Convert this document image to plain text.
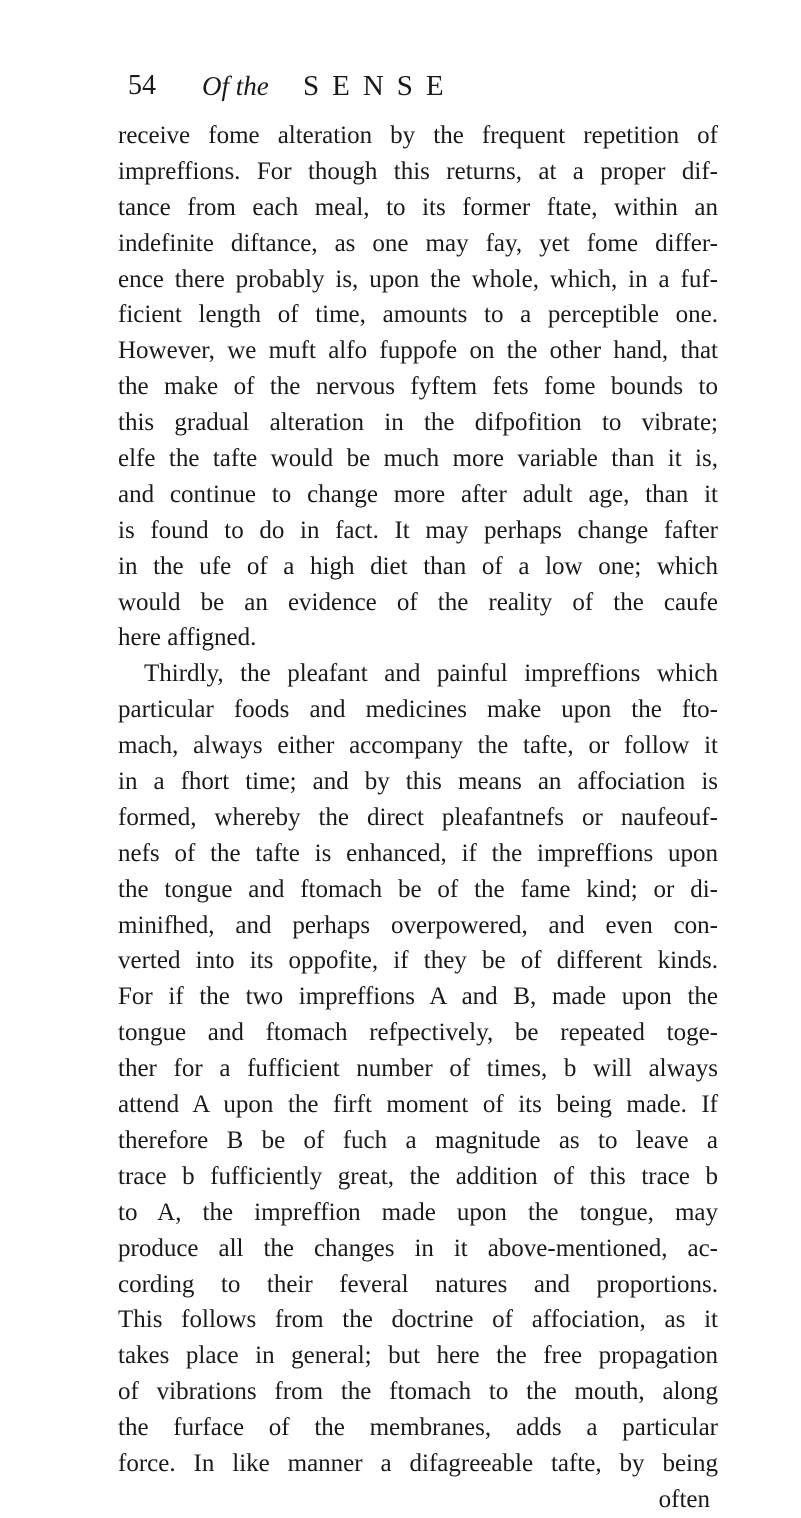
54 Of the SENSE
receive fome alteration by the frequent repetition of
impreffions. For though this returns, at a proper dif-
tance from each meal, to its former ftate, within an
indefinite diftance, as one may fay, yet fome differ-
ence there probably is, upon the whole, which, in a fuf-
ficient length of time, amounts to a perceptible one.
However, we muft alfo fuppofe on the other hand, that
the make of the nervous fyftem fets fome bounds to
this gradual alteration in the difpofition to vibrate;
elfe the tafte would be much more variable than it is,
and continue to change more after adult age, than it
is found to do in fact. It may perhaps change fafter
in the ufe of a high diet than of a low one; which
would be an evidence of the reality of the caufe
here affigned.
Thirdly, the pleafant and painful impreffions which
particular foods and medicines make upon the fto-
mach, always either accompany the tafte, or follow it
in a fhort time; and by this means an affociation is
formed, whereby the direct pleafantnefs or naufeouf-
nefs of the tafte is enhanced, if the impreffions upon
the tongue and ftomach be of the fame kind; or di-
minifhed, and perhaps overpowered, and even con-
verted into its oppofite, if they be of different kinds.
For if the two impreffions A and B, made upon the
tongue and ftomach refpectively, be repeated toge-
ther for a fufficient number of times, b will always
attend A upon the firft moment of its being made. If
therefore B be of fuch a magnitude as to leave a
trace b fufficiently great, the addition of this trace b
to A, the impreffion made upon the tongue, may
produce all the changes in it above-mentioned, ac-
cording to their feveral natures and proportions.
This follows from the doctrine of affociation, as it
takes place in general; but here the free propagation
of vibrations from the ftomach to the mouth, along
the furface of the membranes, adds a particular
force. In like manner a difagreeable tafte, by being
often
